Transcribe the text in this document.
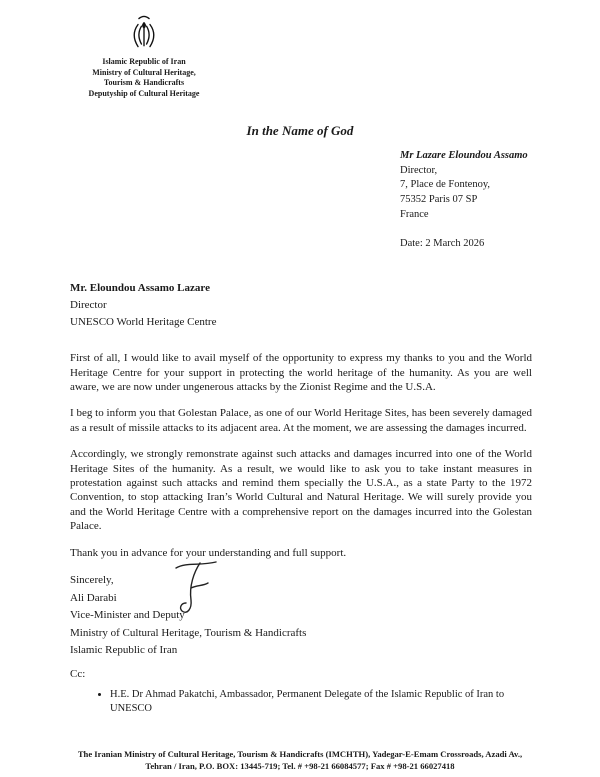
Islamic Republic of Iran
Ministry of Cultural Heritage,
Tourism & Handicrafts
Deputyship of Cultural Heritage
In the Name of God
Mr Lazare Eloundou Assamo
Director,
7, Place de Fontenoy,
75352 Paris 07 SP
France
Date: 2 March 2026
Mr. Eloundou Assamo Lazare
Director
UNESCO World Heritage Centre

First of all, I would like to avail myself of the opportunity to express my thanks to you and the World Heritage Centre for your support in protecting the world heritage of the humanity. As you are well aware, we are now under ungenerous attacks by the Zionist Regime and the U.S.A.

I beg to inform you that Golestan Palace, as one of our World Heritage Sites, has been severely damaged as a result of missile attacks to its adjacent area. At the moment, we are assessing the damages incurred.

Accordingly, we strongly remonstrate against such attacks and damages incurred into one of the World Heritage Sites of the humanity. As a result, we would like to ask you to take instant measures in protestation against such attacks and remind them specially the U.S.A., as a state Party to the 1972 Convention, to stop attacking Iran’s World Cultural and Natural Heritage. We will surely provide you and the World Heritage Centre with a comprehensive report on the damages incurred into the Golestan Palace.

Thank you in advance for your understanding and full support.

Sincerely,
Ali Darabi
Vice-Minister and Deputy
Ministry of Cultural Heritage, Tourism & Handicrafts
Islamic Republic of Iran
Cc:
• H.E. Dr Ahmad Pakatchi, Ambassador, Permanent Delegate of the Islamic Republic of Iran to UNESCO
The Iranian Ministry of Cultural Heritage, Tourism & Handicrafts (IMCHTH), Yadegar-E-Emam Crossroads, Azadi Av.,
Tehran / Iran, P.O. BOX: 13445-719; Tel. # +98-21 66084577; Fax # +98-21 66027418
